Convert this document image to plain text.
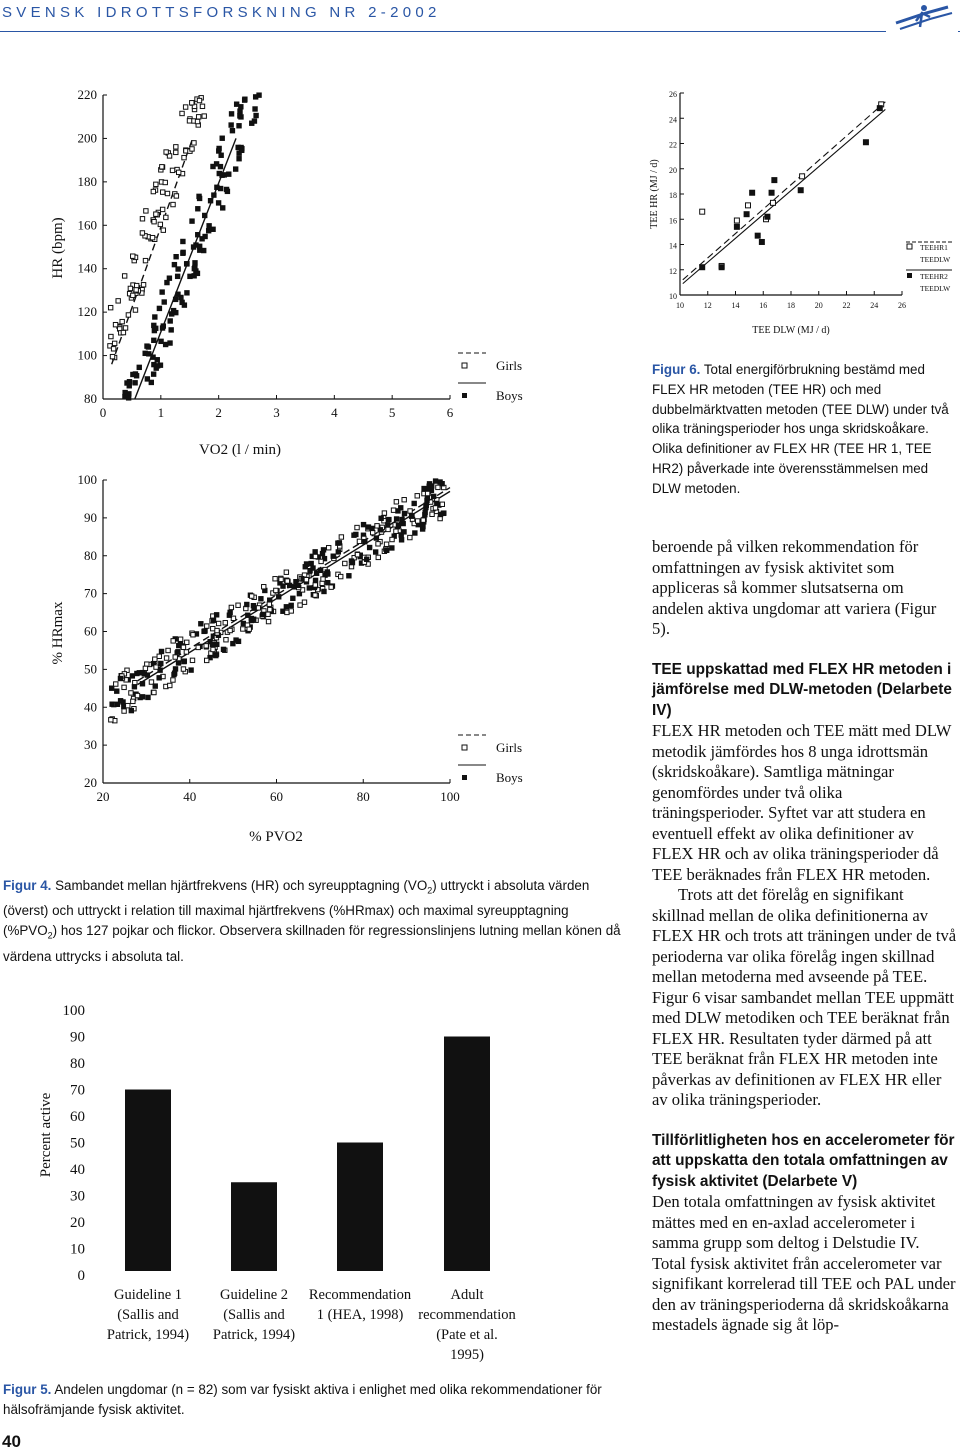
SVENSK IDROTTSFORSKNING NR 2-2002
0	1	2	3	4	5	6
80
100
120
140
160
180
200
220
Girls
Boys
VO2 (l / min)
HR (bpm)
20	40	60	80	100
20
30
40
50
60
70
80
90
100
Girls
Boys
% PVO2
% HRmax
10 12 14 16 18 20 22 24 26
10
12
14
16
18
20
22
24
26
TEEHR1
TEEDLW
TEEHR2
TEEDLW
TEE DLW (MJ / d)
TEE HR (MJ / d)
0
10
20
30
40
50
60
70
80
90
100
Guideline 1
(Sallis and
Patrick, 1994)
Guideline 2
(Sallis and
Patrick, 1994)
Recommendation
1 (HEA, 1998)
Adult
recommendation
(Pate et al.
1995)
Percent active
Figur 6. Total energiförbrukning bestämd med FLEX HR metoden (TEE HR) och med dubbelmärktvatten metoden (TEE DLW) under två olika träningsperioder hos unga skridskoåkare. Olika definitioner av FLEX HR (TEE HR 1, TEE HR2) påverkade inte överensstämmelsen med DLW metoden.
Figur 4. Sambandet mellan hjärtfrekvens (HR) och syreupptagning $(VO_2)$ uttryckt i absoluta värden (överst) och uttryckt i relation till maximal hjärtfrekvens (%HRmax) och maximal syreupptagning $(\%PVO_2)$ hos 127 pojkar och flickor. Observera skillnaden för regressionslinjens lutning mellan könen då värdena uttrycks i absoluta tal.
Figur 5. Andelen ungdomar (n = 82) som var fysiskt aktiva i enlighet med olika rekommendationer för hälsofrämjande fysisk aktivitet.

beroende på vilken rekommendation för omfattningen av fysisk aktivitet som appliceras så kommer slutsatserna om andelen aktiva ungdomar att variera (Figur 5).

TEE uppskattad med FLEX HR metoden i jämförelse med DLW-metoden (Delarbete IV)

FLEX HR metoden och TEE mätt med DLW metodik jämfördes hos 8 unga idrottsmän (skridskoåkare). Samtliga mätningar genomfördes under två olika träningsperioder. Syftet var att studera en eventuell effekt av olika definitioner av FLEX HR och av olika träningsperioder då TEE beräknades från FLEX HR metoden.

Trots att det förelåg en signifikant skillnad mellan de olika definitionerna av FLEX HR och trots att träningen under de två perioderna var olika förelåg ingen skillnad mellan metoderna med avseende på TEE. Figur 6 visar sambandet mellan TEE uppmätt med DLW metodiken och TEE beräknat från FLEX HR. Resultaten tyder därmed på att TEE beräknat från FLEX HR metoden inte påverkas av definitionen av FLEX HR eller av olika träningsperioder.

Tillförlitligheten hos en accelerometer för att uppskatta den totala omfattningen av fysisk aktivitet (Delarbete V)

Den totala omfattningen av fysisk aktivitet mättes med en en-axlad accelerometer i samma grupp som deltog i Delstudie IV. Total fysisk aktivitet från accelerometer var signifikant korrelerad till TEE och PAL under den av träningsperioderna då skridskoåkarna mestadels ägnade sig åt löp-

40
